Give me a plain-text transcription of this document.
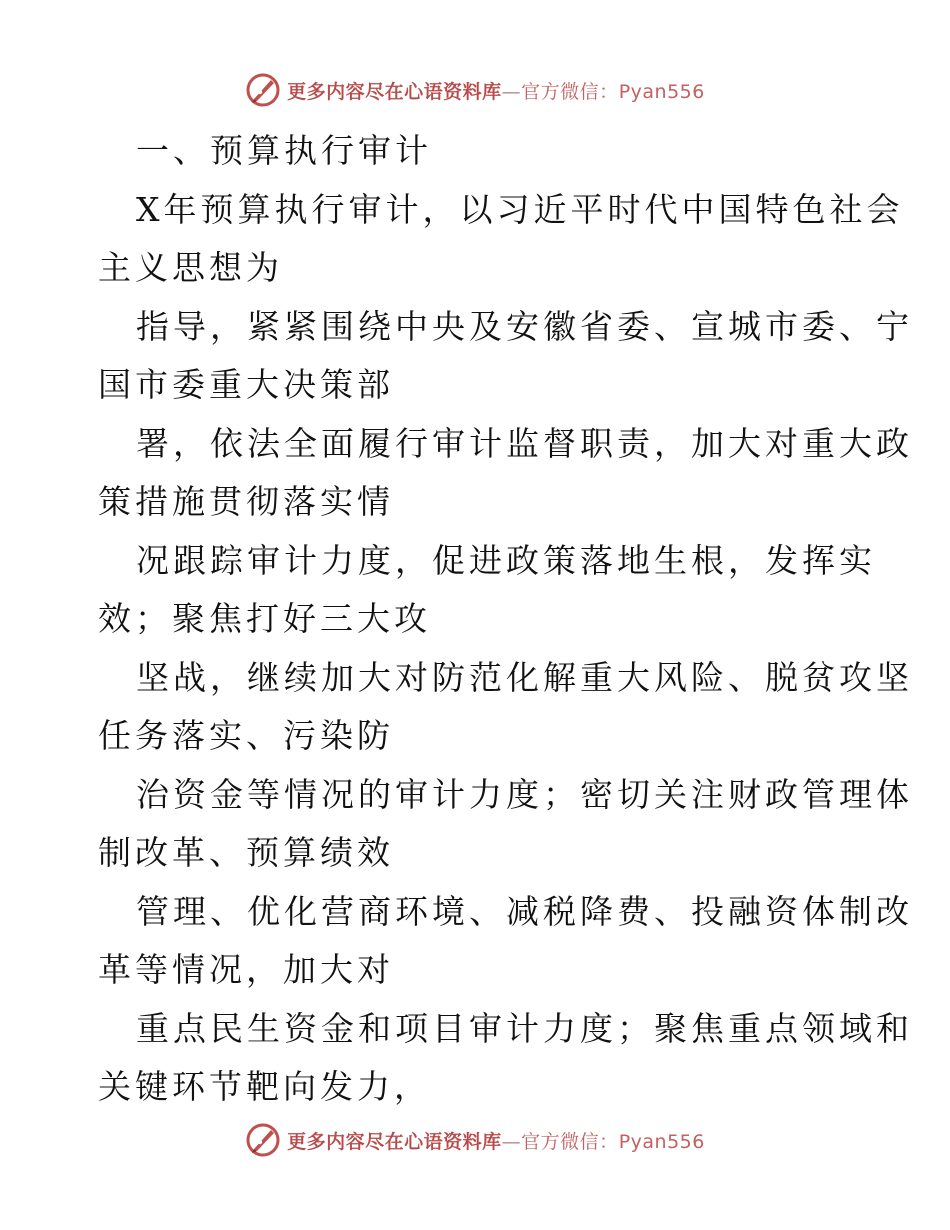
更多内容尽在心语资料库—官方微信：Pyan556
一、预算执行审计
X年预算执行审计，以习近平时代中国特色社会
主义思想为
指导，紧紧围绕中央及安徽省委、宣城市委、宁
国市委重大决策部
署，依法全面履行审计监督职责，加大对重大政
策措施贯彻落实情
况跟踪审计力度，促进政策落地生根，发挥实
效；聚焦打好三大攻
坚战，继续加大对防范化解重大风险、脱贫攻坚
任务落实、污染防
治资金等情况的审计力度；密切关注财政管理体
制改革、预算绩效
管理、优化营商环境、减税降费、投融资体制改
革等情况，加大对
重点民生资金和项目审计力度；聚焦重点领域和
关键环节靶向发力，
更多内容尽在心语资料库—官方微信：Pyan556
